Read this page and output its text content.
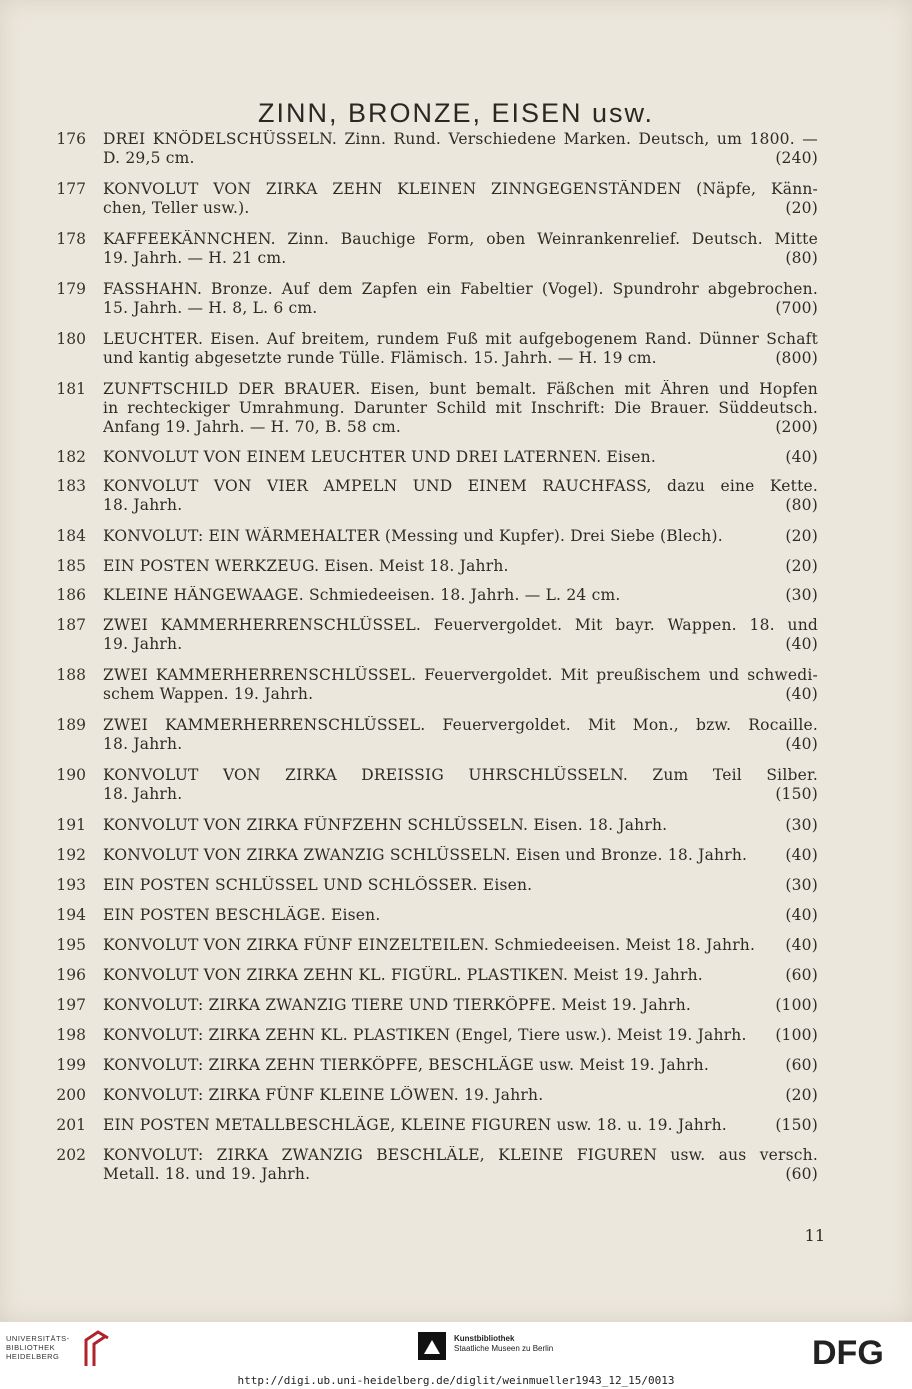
ZINN, BRONZE, EISEN usw.
176 DREI KNÖDELSCHÜSSELN. Zinn. Rund. Verschiedene Marken. Deutsch, um 1800. —
D. 29,5 cm.	(240)
177 KONVOLUT VON ZIRKA ZEHN KLEINEN ZINNGEGENSTÄNDEN (Näpfe, Känn-
chen, Teller usw.).	(20)
178 KAFFEEKÄNNCHEN. Zinn. Bauchige Form, oben Weinrankenrelief. Deutsch. Mitte
19. Jahrh. — H. 21 cm.	(80)
179 FASSHAHN. Bronze. Auf dem Zapfen ein Fabeltier (Vogel). Spundrohr abgebrochen.
15. Jahrh. — H. 8, L. 6 cm.	(700)
180 LEUCHTER. Eisen. Auf breitem, rundem Fuß mit aufgebogenem Rand. Dünner Schaft
und kantig abgesetzte runde Tülle. Flämisch. 15. Jahrh. — H. 19 cm.	(800)
181 ZUNFTSCHILD DER BRAUER. Eisen, bunt bemalt. Fäßchen mit Ähren und Hopfen
in rechteckiger Umrahmung. Darunter Schild mit Inschrift: Die Brauer. Süddeutsch.
Anfang 19. Jahrh. — H. 70, B. 58 cm.	(200)
182 KONVOLUT VON EINEM LEUCHTER UND DREI LATERNEN. Eisen.	(40)
183 KONVOLUT VON VIER AMPELN UND EINEM RAUCHFASS, dazu eine Kette.
18. Jahrh.	(80)
184 KONVOLUT: EIN WÄRMEHALTER (Messing und Kupfer). Drei Siebe (Blech).	(20)
185 EIN POSTEN WERKZEUG. Eisen. Meist 18. Jahrh.	(20)
186 KLEINE HÄNGEWAAGE. Schmiedeeisen. 18. Jahrh. — L. 24 cm.	(30)
187 ZWEI KAMMERHERRENSCHLÜSSEL. Feuervergoldet. Mit bayr. Wappen. 18. und
19. Jahrh.	(40)
188 ZWEI KAMMERHERRENSCHLÜSSEL. Feuervergoldet. Mit preußischem und schwedi-
schem Wappen. 19. Jahrh.	(40)
189 ZWEI KAMMERHERRENSCHLÜSSEL. Feuervergoldet. Mit Mon., bzw. Rocaille.
18. Jahrh.	(40)
190 KONVOLUT VON ZIRKA DREISSIG UHRSCHLÜSSELN. Zum Teil Silber.
18. Jahrh.	(150)
191 KONVOLUT VON ZIRKA FÜNFZEHN SCHLÜSSELN. Eisen. 18. Jahrh.	(30)
192 KONVOLUT VON ZIRKA ZWANZIG SCHLÜSSELN. Eisen und Bronze. 18. Jahrh. (40)
193 EIN POSTEN SCHLÜSSEL UND SCHLÖSSER. Eisen.	(30)
194 EIN POSTEN BESCHLÄGE. Eisen.	(40)
195 KONVOLUT VON ZIRKA FÜNF EINZELTEILEN. Schmiedeeisen. Meist 18. Jahrh. (40)
196 KONVOLUT VON ZIRKA ZEHN KL. FIGÜRL. PLASTIKEN. Meist 19. Jahrh.	(60)
197 KONVOLUT: ZIRKA ZWANZIG TIERE UND TIERKÖPFE. Meist 19. Jahrh.	(100)
198 KONVOLUT: ZIRKA ZEHN KL. PLASTIKEN (Engel, Tiere usw.). Meist 19. Jahrh. (100)
199 KONVOLUT: ZIRKA ZEHN TIERKÖPFE, BESCHLÄGE usw. Meist 19. Jahrh.	(60)
200 KONVOLUT: ZIRKA FÜNF KLEINE LÖWEN. 19. Jahrh.	(20)
201 EIN POSTEN METALLBESCHLÄGE, KLEINE FIGUREN usw. 18. u. 19. Jahrh.	(150)
202 KONVOLUT: ZIRKA ZWANZIG BESCHLÄLE, KLEINE FIGUREN usw. aus versch.
Metall. 18. und 19. Jahrh.	(60)
11
UNIVERSITÄTS-
BIBLIOTHEK
HEIDELBERG
Kunstbibliothek
Staatliche Museen zu Berlin	DFG
http://digi.ub.uni-heidelberg.de/diglit/weinmueller1943_12_15/0013
